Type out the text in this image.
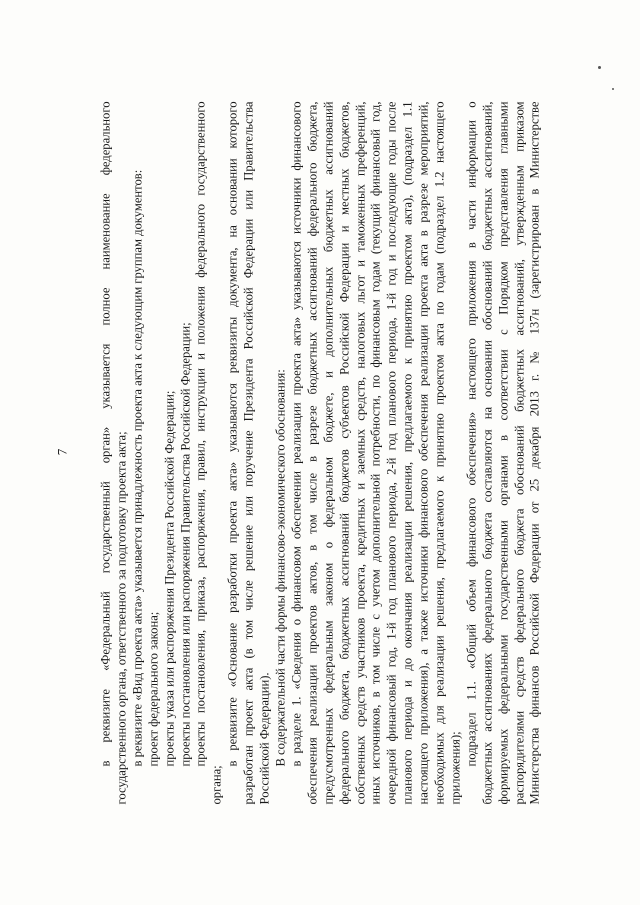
7 в реквизите «Федеральный государственный орган» указывается полное наименование федерального государственного органа, ответственного за подготовку проекта акта; в реквизите «Вид проекта акта» указывается принадлежность проекта акта к следующим группам документов: проект федерального закона; проекты указа или распоряжения Президента Российской Федерации; проекты постановления или распоряжения Правительства Российской Федерации; проекты постановления, приказа, распоряжения, правил, инструкции и положения федерального государственного
органа;
в реквизите «Основание разработки проекта акта» указываются реквизиты документа, на основании которого разработан проект акта (в том числе решение или поручение Президента Российской Федерации или Правительства Российской Федерации). В содержательной части формы финансово-экономического обоснования: в разделе 1. «Сведения о финансовом обеспечении реализации проекта акта» указываются источники финансового обеспечения реализации проектов актов, в том числе в разрезе бюджетных ассигнований федерального бюджета, предусмотренных федеральным законом о федеральном бюджете, и дополнительных бюджетных ассигнований федерального бюджета, бюджетных ассигнований бюджетов субъектов Российской Федерации и местных бюджетов, собственных средств участников проекта, кредитных и заемных средств, налоговых льгот и таможенных преференций, иных источников, в том числе с учетом дополнительной потребности, по финансовым годам (текущий финансовый год, очередной финансовый год, 1-й год планового периода, 2-й год планового периода, 1-й год и последующие годы после планового периода и до окончания реализации решения, предлагаемого к принятию проектом акта), (подраздел 1.1 настоящего приложения), а также источники финансового обеспечения реализации проекта акта в разрезе мероприятий, необходимых для реализации решения, предлагаемого к принятию проектом акта по годам (подраздел 1.2 настоящего приложения);
подраздел 1.1. «Общий объем финансового обеспечения» настоящего приложения в части информации о бюджетных ассигнованиях федерального бюджета составляются на основании обоснований бюджетных ассигнований, формируемых федеральными государственными органами в соответствии с Порядком представления главными распорядителями средств федерального бюджета обоснований бюджетных ассигнований, утвержденным приказом Министерства финансов Российской Федерации от 25 декабря 2013 г. № 137н (зарегистрирован в Министерстве
